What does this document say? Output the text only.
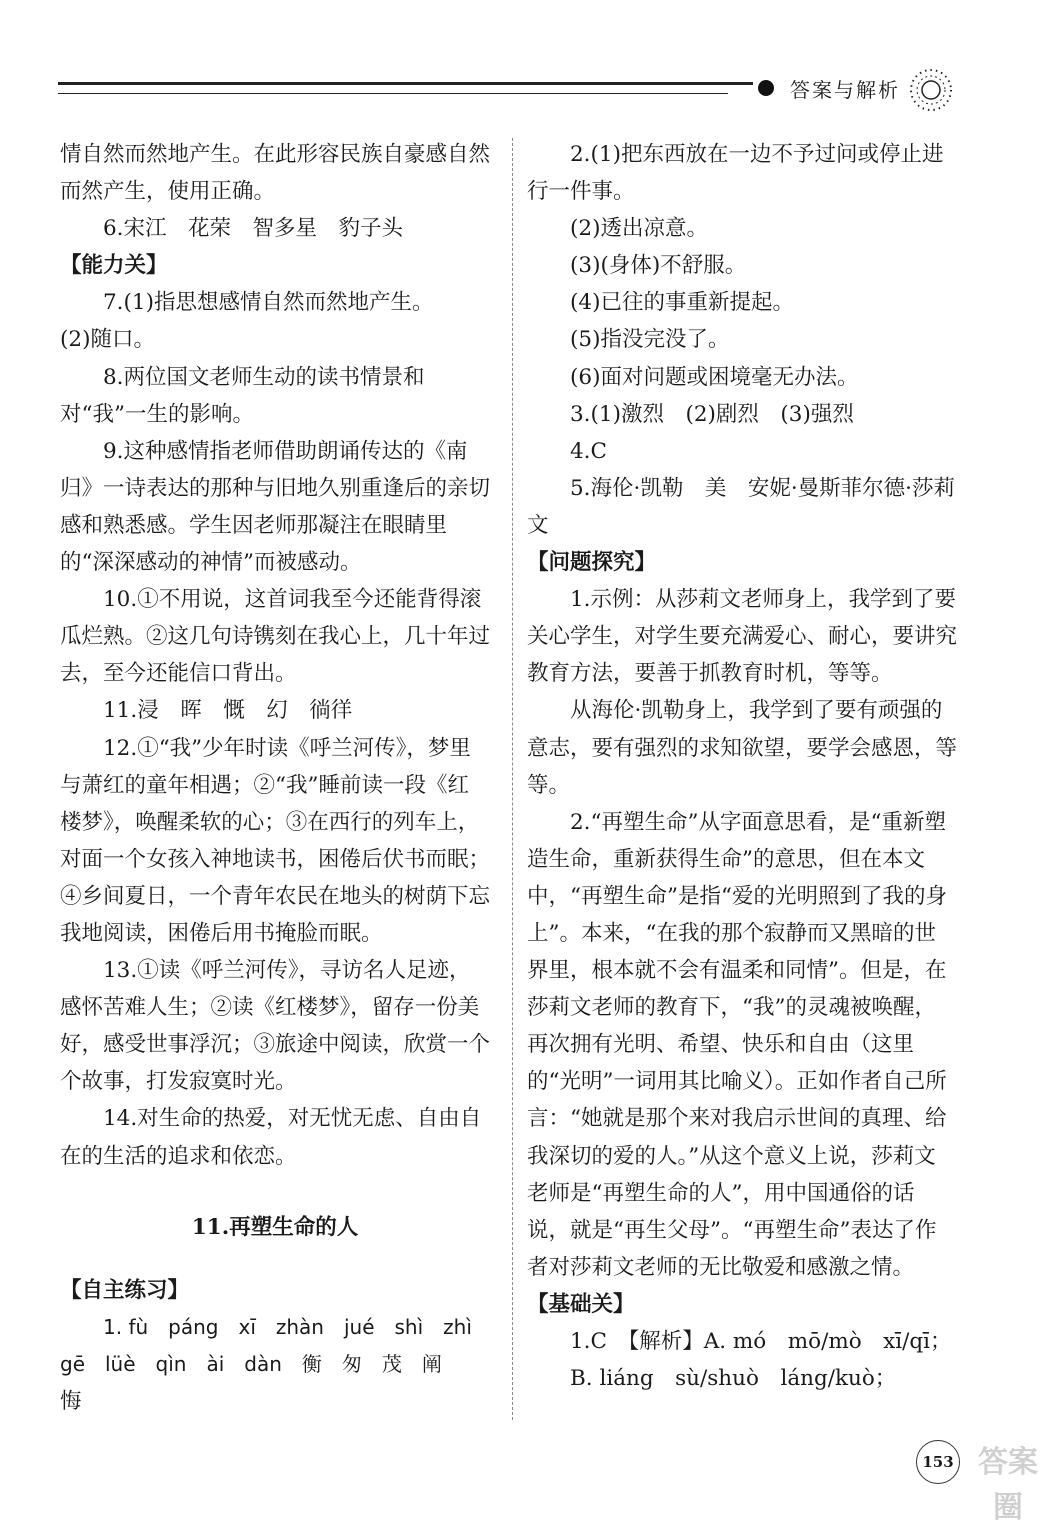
答案与解析

情自然而然地产生。在此形容民族自豪感自然而然产生，使用正确。

6.宋江　花荣　智多星　豹子头

【能力关】

7.(1)指思想感情自然而然地产生。

(2)随口。

8.两位国文老师生动的读书情景和对“我”一生的影响。

9.这种感情指老师借助朗诵传达的《南归》一诗表达的那种与旧地久别重逢后的亲切感和熟悉感。学生因老师那凝注在眼睛里的“深深感动的神情”而被感动。

10.①不用说，这首词我至今还能背得滚瓜烂熟。②这几句诗镌刻在我心上，几十年过去，至今还能信口背出。

11.浸　晖　慨　幻　徜徉

12.①“我”少年时读《呼兰河传》，梦里与萧红的童年相遇；②“我”睡前读一段《红楼梦》，唤醒柔软的心；③在西行的列车上，对面一个女孩入神地读书，困倦后伏书而眠；④乡间夏日，一个青年农民在地头的树荫下忘我地阅读，困倦后用书掩脸而眠。

13.①读《呼兰河传》，寻访名人足迹，感怀苦难人生；②读《红楼梦》，留存一份美好，感受世事浮沉；③旅途中阅读，欣赏一个个故事，打发寂寞时光。

14.对生命的热爱，对无忧无虑、自由自在的生活的追求和依恋。

11.再塑生命的人

【自主练习】

1. fù　páng　xī　zhàn　jué　shì　zhì

gē　lüè　qìn　ài　dàn　衡　匆　茂　阐

悔

2.(1)把东西放在一边不予过问或停止进行一件事。

(2)透出凉意。

(3)(身体)不舒服。

(4)已往的事重新提起。

(5)指没完没了。

(6)面对问题或困境毫无办法。

3.(1)激烈　(2)剧烈　(3)强烈

4.C

5.海伦·凯勒　美　安妮·曼斯菲尔德·莎莉文

【问题探究】

1.示例：从莎莉文老师身上，我学到了要关心学生，对学生要充满爱心、耐心，要讲究教育方法，要善于抓教育时机，等等。

从海伦·凯勒身上，我学到了要有顽强的意志，要有强烈的求知欲望，要学会感恩，等等。

2.“再塑生命”从字面意思看，是“重新塑造生命，重新获得生命”的意思，但在本文中，“再塑生命”是指“爱的光明照到了我的身上”。本来，“在我的那个寂静而又黑暗的世界里，根本就不会有温柔和同情”。但是，在莎莉文老师的教育下，“我”的灵魂被唤醒，再次拥有光明、希望、快乐和自由（这里的“光明”一词用其比喻义）。正如作者自己所言：“她就是那个来对我启示世间的真理、给我深切的爱的人。”从这个意义上说，莎莉文老师是“再塑生命的人”，用中国通俗的话说，就是“再生父母”。“再塑生命”表达了作者对莎莉文老师的无比敬爱和感激之情。

【基础关】

1.C　【解析】A. mó　mō/mò　xī/qī；

B. liáng　sù/shuò　láng/kuò；

153 答案
圈
